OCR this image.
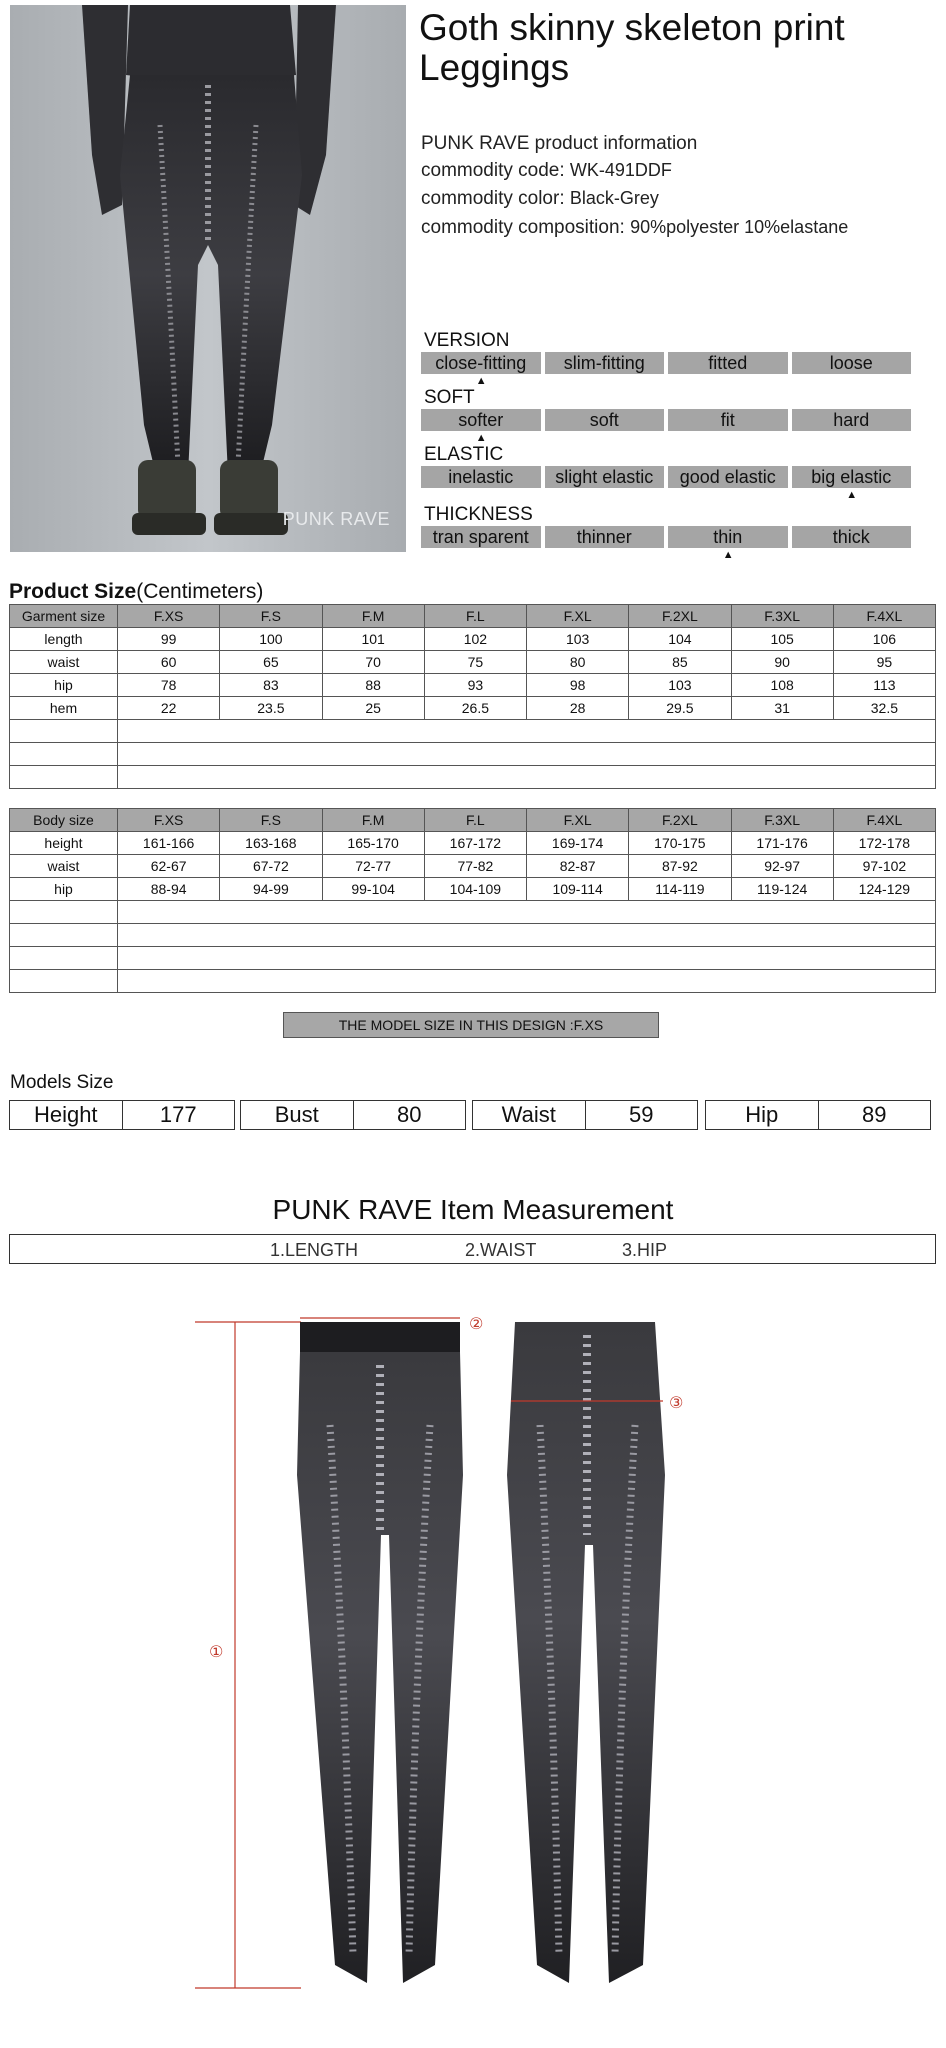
PUNK RAVE
Goth skinny skeleton print Leggings
PUNK RAVE product information
commodity code: WK-491DDF
commodity color: Black-Grey
commodity composition: 90%polyester 10%elastane
VERSION
close-fitting	slim-fitting	fitted	loose
▲
SOFT
softer	soft	fit	hard
▲
ELASTIC
inelastic	slight elastic	good elastic	big elastic
▲
THICKNESS
tran sparent	thinner	thin	thick
▲
Product Size(Centimeters)
Garment size	F.XS	F.S	F.M	F.L	F.XL	F.2XL	F.3XL	F.4XL
length	99	100	101	102	103	104	105	106
waist	60	65	70	75	80	85	90	95
hip	78	83	88	93	98	103	108	113
hem	22	23.5	25	26.5	28	29.5	31	32.5

Body size	F.XS	F.S	F.M	F.L	F.XL	F.2XL	F.3XL	F.4XL
height	161-166	163-168	165-170	167-172	169-174	170-175	171-176	172-178
waist	62-67	67-72	72-77	77-82	82-87	87-92	92-97	97-102
hip	88-94	94-99	99-104	104-109	109-114	114-119	119-124	124-129

THE MODEL SIZE IN THIS DESIGN :F.XS
Models Size
Height	177	Bust	80	Waist	59	Hip	89
PUNK RAVE Item Measurement
1.LENGTH	2.WAIST	3.HIP
①
②
③
